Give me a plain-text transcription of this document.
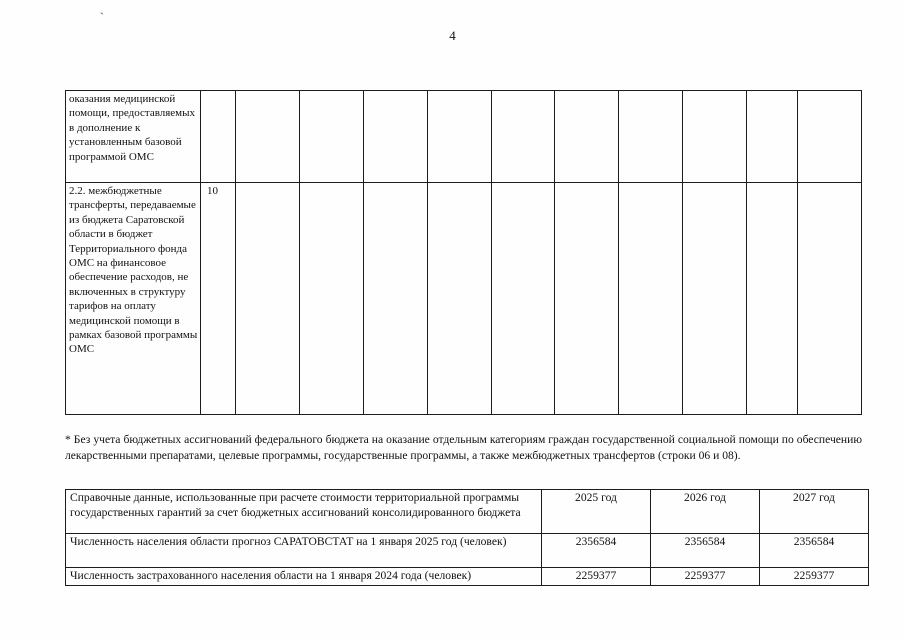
`
4
оказания медицинской помощи, предоставляемых в дополнение к установленным базовой программой ОМС											
2.2. межбюджетные трансферты, передаваемые из бюджета Саратовской области в бюджет Территориального фонда ОМС на финансовое обеспечение расходов, не включенных в структуру тарифов на оплату медицинской помощи в рамках базовой программы ОМС	10										
* Без учета бюджетных ассигнований федерального бюджета на оказание отдельным категориям граждан государственной социальной помощи по обеспечению лекарственными препаратами, целевые программы, государственные программы, а также межбюджетных трансфертов (строки 06 и 08).
Справочные данные, использованные при расчете стоимости территориальной программы государственных гарантий за счет бюджетных ассигнований консолидированного бюджета	2025 год	2026 год	2027 год
Численность населения области прогноз САРАТОВСТАТ на 1 января 2025 год (человек)	2356584	2356584	2356584
Численность застрахованного населения области на 1 января 2024 года (человек)	2259377	2259377	2259377
